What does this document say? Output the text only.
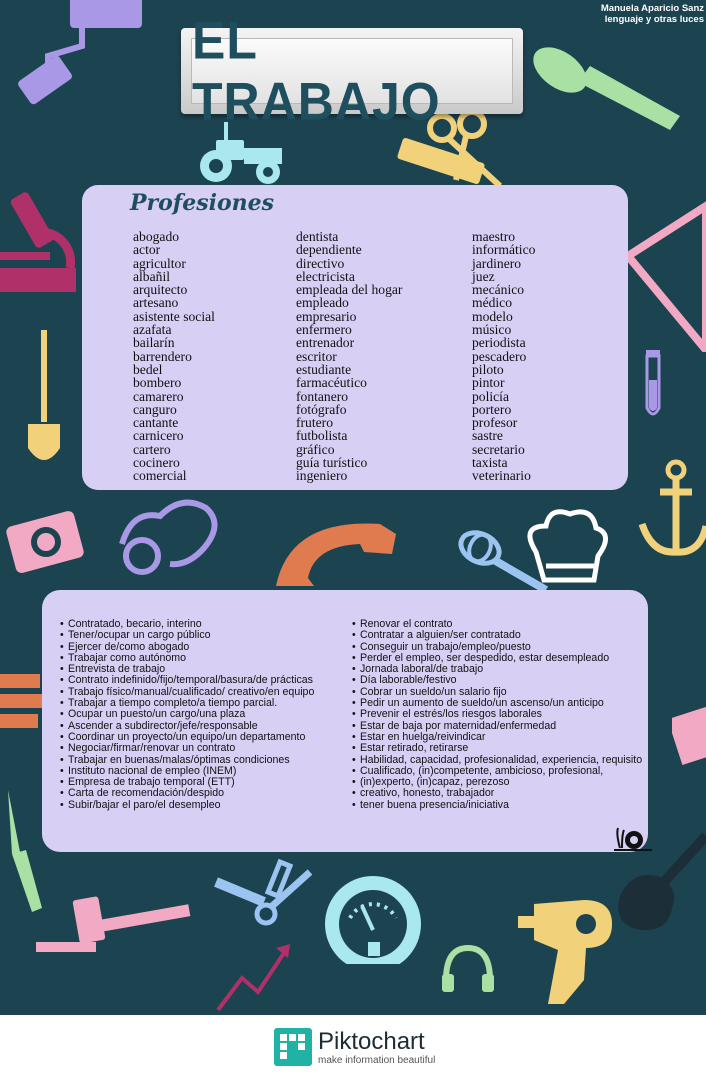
Manuela Aparicio Sanz
lenguaje y otras luces
EL TRABAJO
Profesiones
abogado
actor
agricultor
albañil
arquitecto
artesano
asistente social
azafata
bailarín
barrendero
bedel
bombero
camarero
canguro
cantante
carnicero
cartero
cocinero
comercial
dentista
dependiente
directivo
electricista
empleada del hogar
empleado
empresario
enfermero
entrenador
escritor
estudiante
farmacéutico
fontanero
fotógrafo
frutero
futbolista
gráfico
guía turístico
ingeniero
maestro
informático
jardinero
juez
mecánico
médico
modelo
músico
periodista
pescadero
piloto
pintor
policía
portero
profesor
sastre
secretario
taxista
veterinario
• Contratado, becario, interino
• Tener/ocupar un cargo público
• Ejercer de/como abogado
• Trabajar como autónomo
• Entrevista de trabajo
• Contrato indefinido/fijo/temporal/basura/de prácticas
• Trabajo físico/manual/cualificado/ creativo/en equipo
• Trabajar a tiempo completo/a tiempo parcial.
• Ocupar un puesto/un cargo/una plaza
• Ascender a subdirector/jefe/responsable
• Coordinar un proyecto/un equipo/un departamento
• Negociar/firmar/renovar un contrato
• Trabajar en buenas/malas/óptimas condiciones
• Instituto nacional de empleo (INEM)
• Empresa de trabajo temporal (ETT)
• Carta de recomendación/despido
• Subir/bajar el paro/el desempleo
• Renovar el contrato
• Contratar a alguien/ser contratado
• Conseguir un trabajo/empleo/puesto
• Perder el empleo, ser despedido, estar desempleado
• Jornada laboral/de trabajo
• Día laborable/festivo
• Cobrar un sueldo/un salario fijo
• Pedir un aumento de sueldo/un ascenso/un anticipo
• Prevenir el estrés/los riesgos laborales
• Estar de baja por maternidad/enfermedad
• Estar en huelga/reivindicar
• Estar retirado, retirarse
• Habilidad, capacidad, profesionalidad, experiencia, requisito
• Cualificado, (in)competente, ambicioso, profesional,
• (in)experto, (in)capaz, perezoso
• creativo, honesto, trabajador
• tener buena presencia/iniciativa
Piktochart
make information beautiful
